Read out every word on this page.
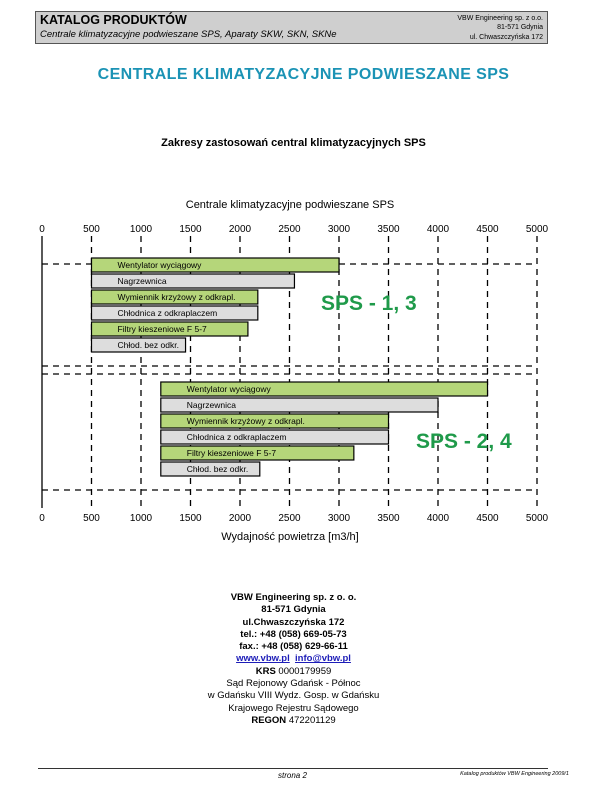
KATALOG PRODUKTÓW
Centrale klimatyzacyjne podwieszane SPS, Aparaty SKW, SKN, SKNe
VBW Engineering sp. z o.o.
81-571 Gdynia
ul. Chwaszczyńska 172
CENTRALE KLIMATYZACYJNE PODWIESZANE SPS
Zakresy zastosowań central klimatyzacyjnych SPS
Centrale klimatyzacyjne podwieszane SPS
0
0
500
500
1000
1000
1500
1500
2000
2000
2500
2500
3000
3000
3500
3500
4000
4000
4500
4500
5000
5000
Wentylator wyciągowy
Nagrzewnica
Wymiennik krzyżowy z odkrapl.
Chłodnica z odkraplaczem
Filtry kieszeniowe F 5-7
Chłod. bez odkr.
Wentylator wyciągowy
Nagrzewnica
Wymiennik krzyżowy z odkrapl.
Chłodnica z odkraplaczem
Filtry kieszeniowe F 5-7
Chłod. bez odkr.
SPS - 1, 3
SPS - 2, 4
Wydajność powietrza [m3/h]
VBW Engineering sp. z o. o.
81-571 Gdynia
ul.Chwaszczyńska 172
tel.: +48 (058) 669-05-73
fax.: +48 (058) 629-66-11
www.vbw.pl info@vbw.pl
KRS 0000179959
Sąd Rejonowy Gdańsk - Północ
w Gdańsku VIII Wydz. Gosp. w Gdańsku
Krajowego Rejestru Sądowego
REGON 472201129
strona 2	Katalog produktów VBW Engineering 2009/1
